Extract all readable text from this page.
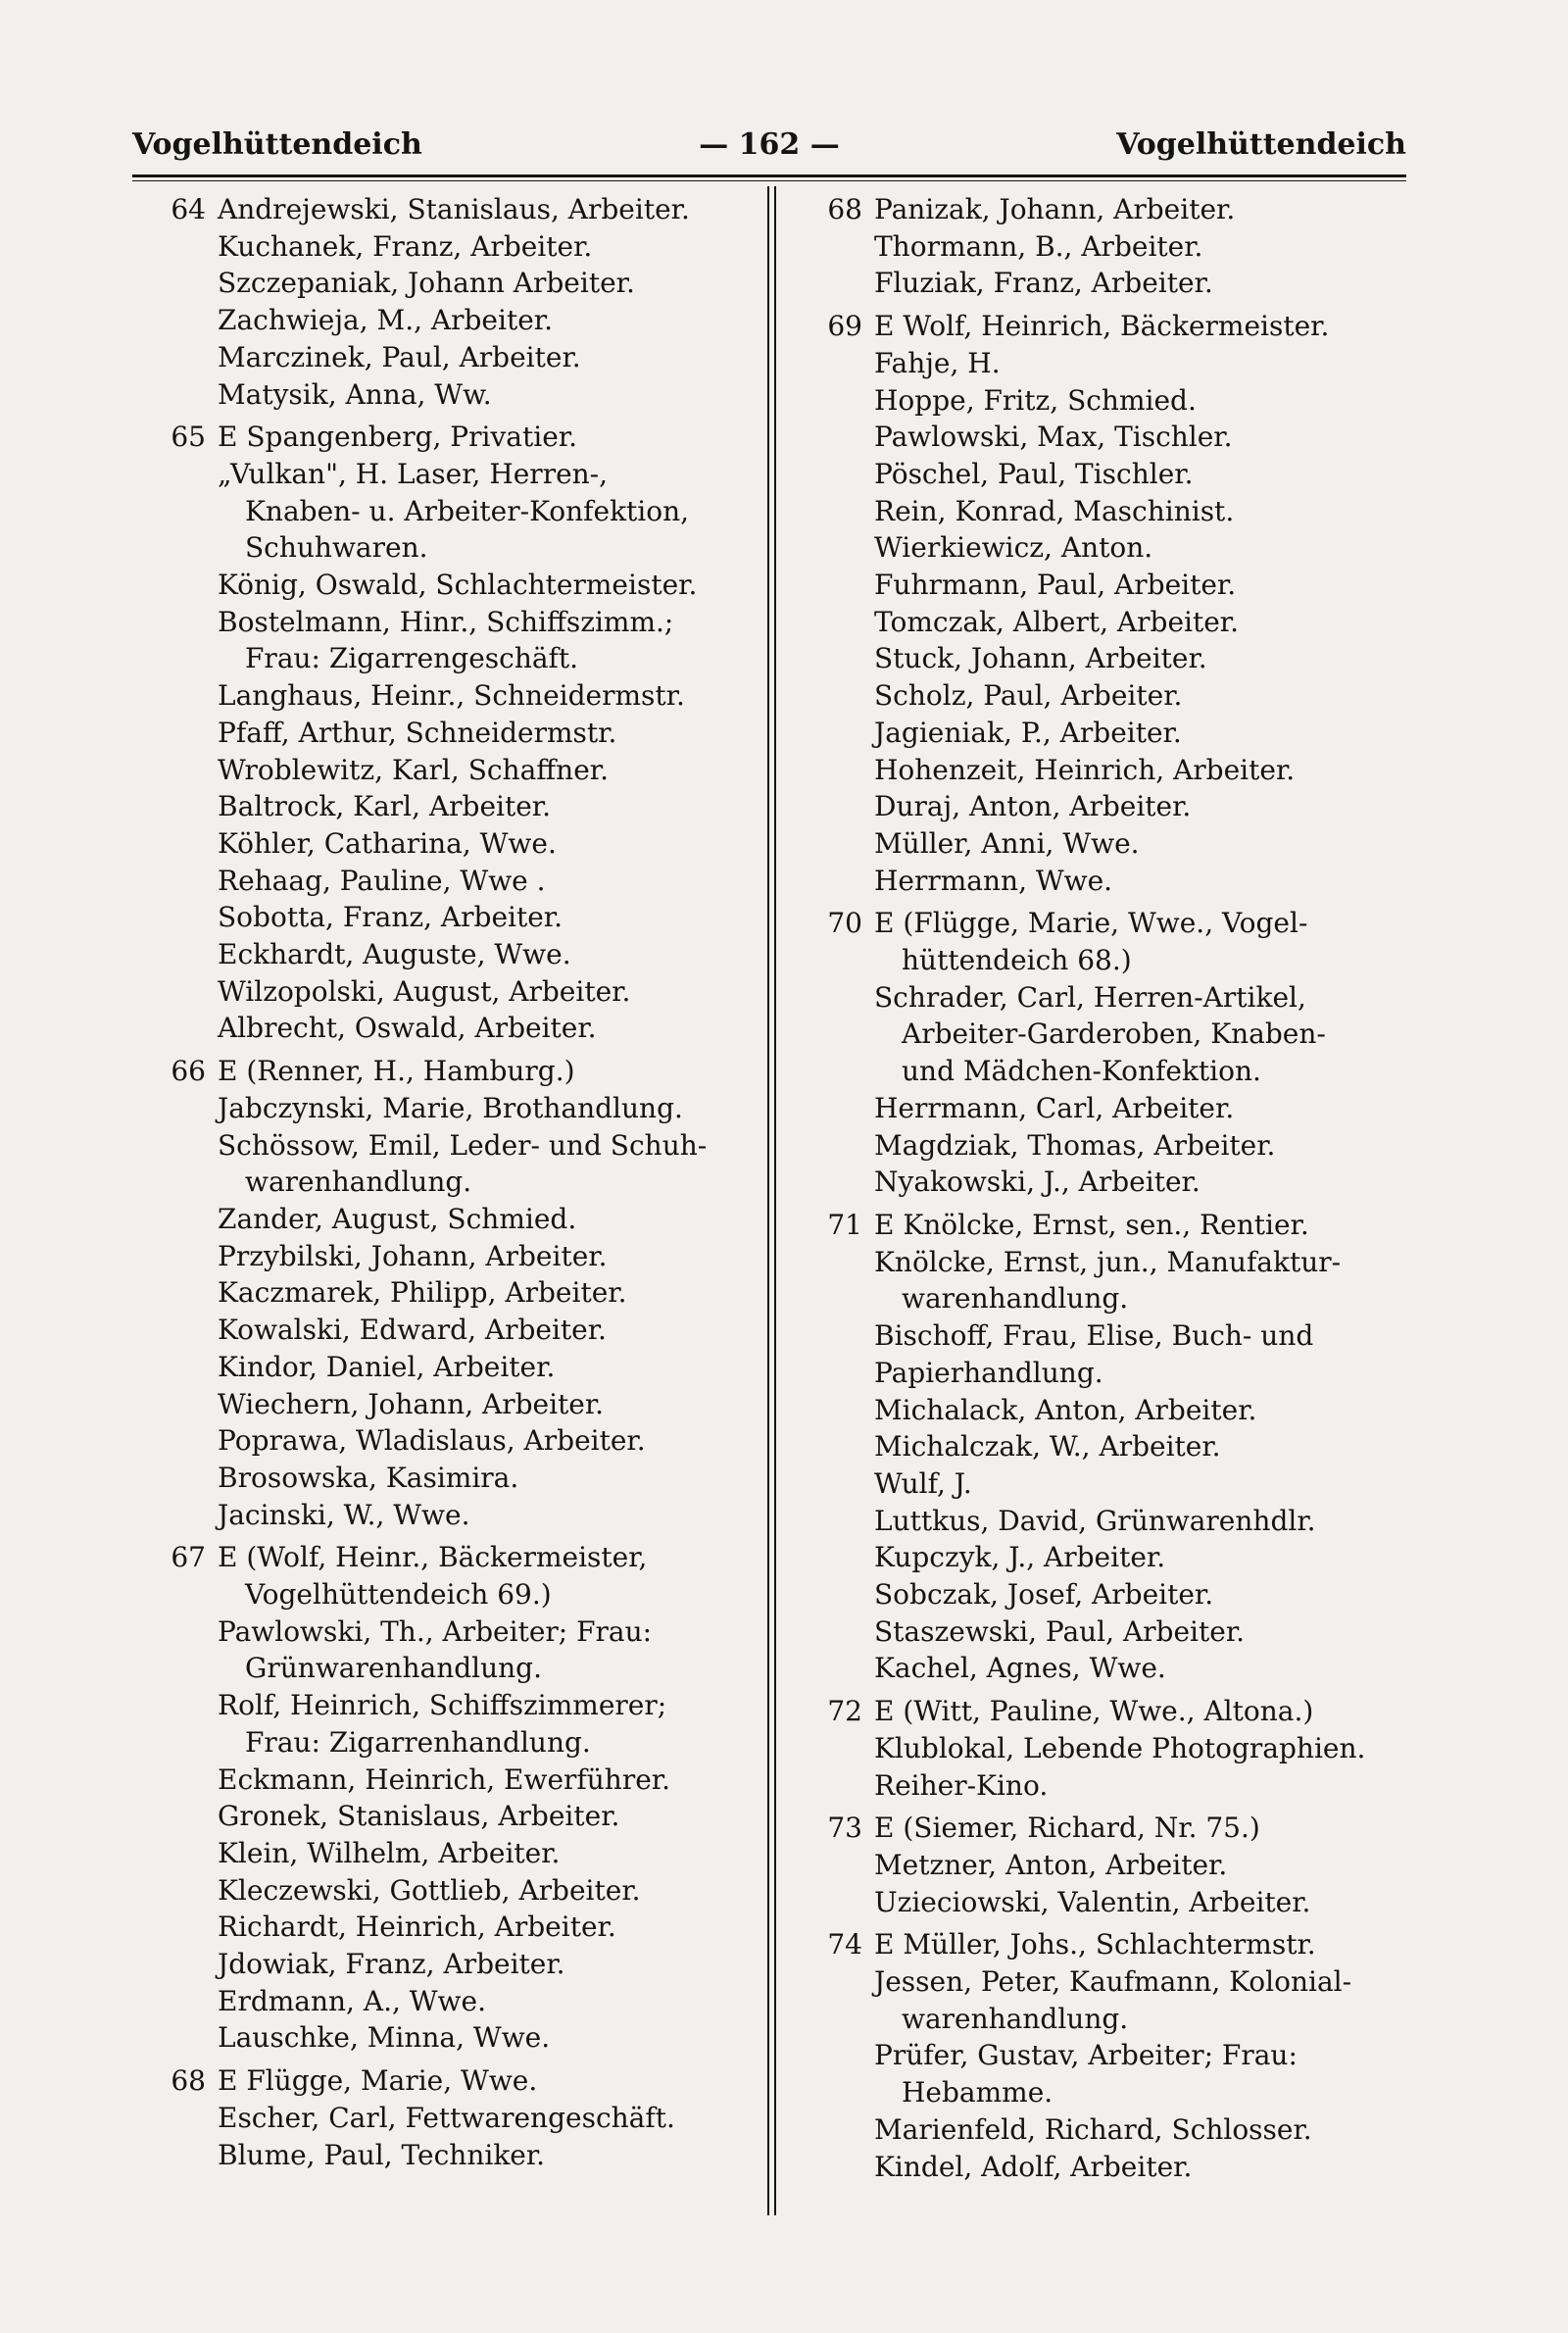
Vogelhüttendeich	— 162 —	Vogelhüttendeich
64 Andrejewski, Stanislaus, Arbeiter.
Kuchanek, Franz, Arbeiter.
Szczepaniak, Johann Arbeiter.
Zachwieja, M., Arbeiter.
Marczinek, Paul, Arbeiter.
Matysik, Anna, Ww.
65 E Spangenberg, Privatier.
„Vulkan", H. Laser, Herren-,
Knaben- u. Arbeiter-Konfektion,
Schuhwaren.
König, Oswald, Schlachtermeister.
Bostelmann, Hinr., Schiffszimm.;
Frau: Zigarrengeschäft.
Langhaus, Heinr., Schneidermstr.
Pfaff, Arthur, Schneidermstr.
Wroblewitz, Karl, Schaffner.
Baltrock, Karl, Arbeiter.
Köhler, Catharina, Wwe.
Rehaag, Pauline, Wwe .
Sobotta, Franz, Arbeiter.
Eckhardt, Auguste, Wwe.
Wilzopolski, August, Arbeiter.
Albrecht, Oswald, Arbeiter.
66 E (Renner, H., Hamburg.)
Jabczynski, Marie, Brothandlung.
Schössow, Emil, Leder- und Schuh-
warenhandlung.
Zander, August, Schmied.
Przybilski, Johann, Arbeiter.
Kaczmarek, Philipp, Arbeiter.
Kowalski, Edward, Arbeiter.
Kindor, Daniel, Arbeiter.
Wiechern, Johann, Arbeiter.
Poprawa, Wladislaus, Arbeiter.
Brosowska, Kasimira.
Jacinski, W., Wwe.
67 E (Wolf, Heinr., Bäckermeister,
Vogelhüttendeich 69.)
Pawlowski, Th., Arbeiter; Frau:
Grünwarenhandlung.
Rolf, Heinrich, Schiffszimmerer;
Frau: Zigarrenhandlung.
Eckmann, Heinrich, Ewerführer.
Gronek, Stanislaus, Arbeiter.
Klein, Wilhelm, Arbeiter.
Kleczewski, Gottlieb, Arbeiter.
Richardt, Heinrich, Arbeiter.
Jdowiak, Franz, Arbeiter.
Erdmann, A., Wwe.
Lauschke, Minna, Wwe.
68 E Flügge, Marie, Wwe.
Escher, Carl, Fettwarengeschäft.
Blume, Paul, Techniker.
68 Panizak, Johann, Arbeiter.
Thormann, B., Arbeiter.
Fluziak, Franz, Arbeiter.
69 E Wolf, Heinrich, Bäckermeister.
Fahje, H.
Hoppe, Fritz, Schmied.
Pawlowski, Max, Tischler.
Pöschel, Paul, Tischler.
Rein, Konrad, Maschinist.
Wierkiewicz, Anton.
Fuhrmann, Paul, Arbeiter.
Tomczak, Albert, Arbeiter.
Stuck, Johann, Arbeiter.
Scholz, Paul, Arbeiter.
Jagieniak, P., Arbeiter.
Hohenzeit, Heinrich, Arbeiter.
Duraj, Anton, Arbeiter.
Müller, Anni, Wwe.
Herrmann, Wwe.
70 E (Flügge, Marie, Wwe., Vogel-
hüttendeich 68.)
Schrader, Carl, Herren-Artikel,
Arbeiter-Garderoben, Knaben-
und Mädchen-Konfektion.
Herrmann, Carl, Arbeiter.
Magdziak, Thomas, Arbeiter.
Nyakowski, J., Arbeiter.
71 E Knölcke, Ernst, sen., Rentier.
Knölcke, Ernst, jun., Manufaktur-
warenhandlung.
Bischoff, Frau, Elise, Buch- und
Papierhandlung.
Michalack, Anton, Arbeiter.
Michalczak, W., Arbeiter.
Wulf, J.
Luttkus, David, Grünwarenhdlr.
Kupczyk, J., Arbeiter.
Sobczak, Josef, Arbeiter.
Staszewski, Paul, Arbeiter.
Kachel, Agnes, Wwe.
72 E (Witt, Pauline, Wwe., Altona.)
Klublokal, Lebende Photographien.
Reiher-Kino.
73 E (Siemer, Richard, Nr. 75.)
Metzner, Anton, Arbeiter.
Uzieciowski, Valentin, Arbeiter.
74 E Müller, Johs., Schlachtermstr.
Jessen, Peter, Kaufmann, Kolonial-
warenhandlung.
Prüfer, Gustav, Arbeiter; Frau:
Hebamme.
Marienfeld, Richard, Schlosser.
Kindel, Adolf, Arbeiter.
